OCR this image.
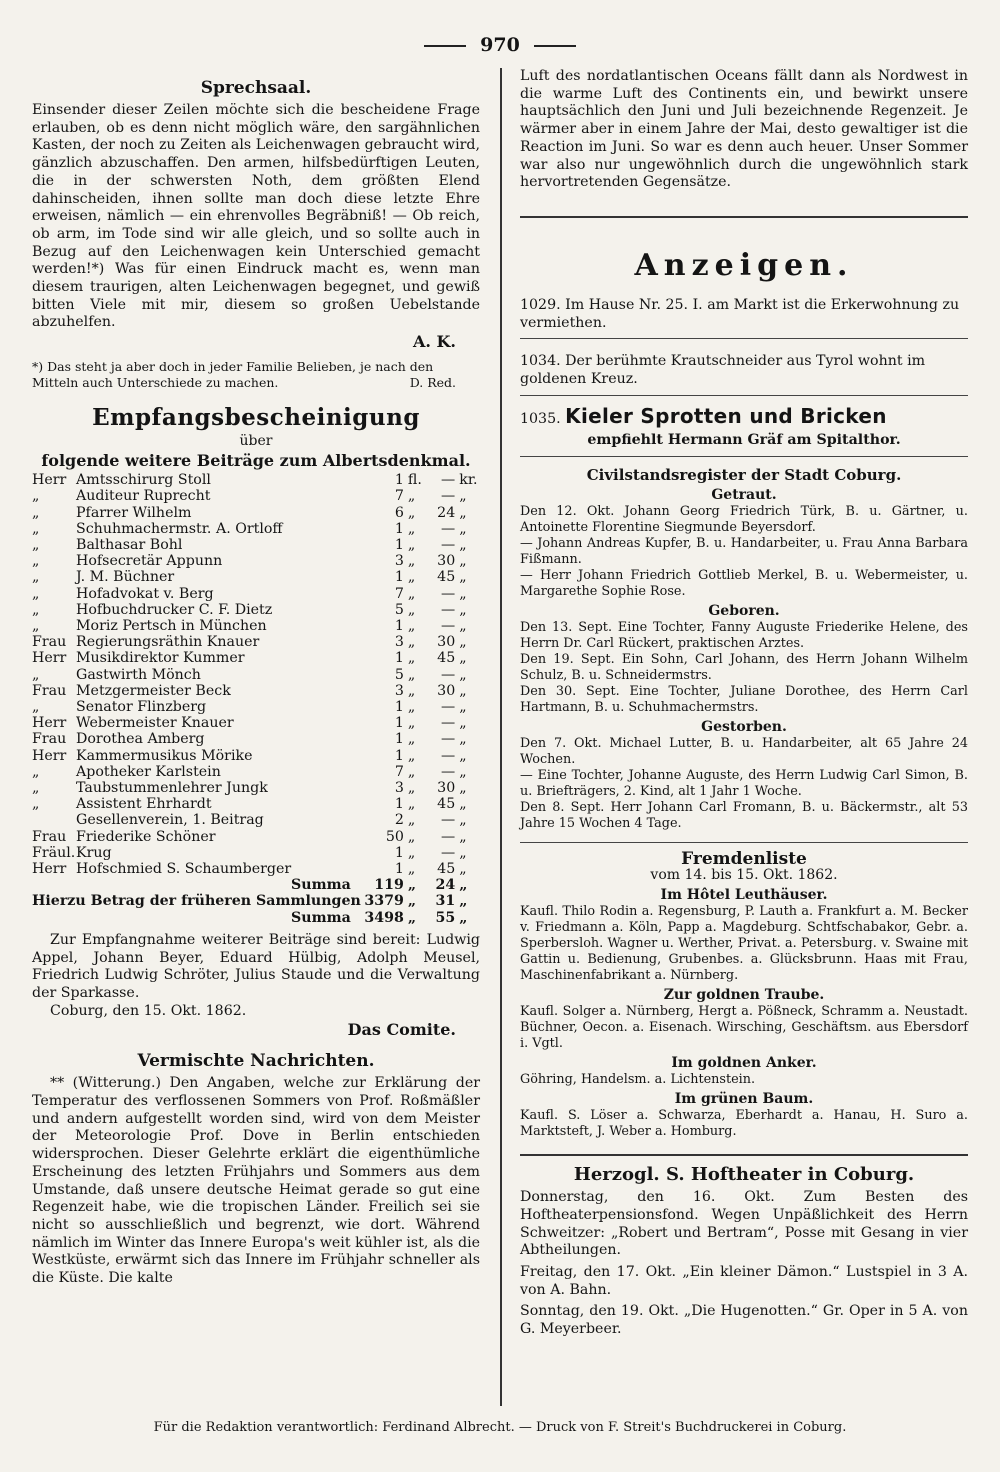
970
Sprechsaal.

Einsender dieser Zeilen möchte sich die bescheidene Frage erlauben, ob es denn nicht möglich wäre, den sargähnlichen Kasten, der noch zu Zeiten als Leichenwagen gebraucht wird, gänzlich abzuschaffen. Den armen, hilfsbedürftigen Leuten, die in der schwersten Noth, dem größten Elend dahinscheiden, ihnen sollte man doch diese letzte Ehre erweisen, nämlich — ein ehrenvolles Begräbniß! — Ob reich, ob arm, im Tode sind wir alle gleich, und so sollte auch in Bezug auf den Leichenwagen kein Unterschied gemacht werden!*) Was für einen Eindruck macht es, wenn man diesem traurigen, alten Leichenwagen begegnet, und gewiß bitten Viele mit mir, diesem so großen Uebelstande abzuhelfen.

A. K.

*) Das steht ja aber doch in jeder Familie Belieben, je nach den Mitteln auch Unterschiede zu machen.	D. Red.

Empfangsbescheinigung
über
folgende weitere Beiträge zum Albertsdenkmal.
Herr	Amtsschirurg Stoll	1	fl.	—	kr.
„	Auditeur Ruprecht	7	„	—	„
„	Pfarrer Wilhelm	6	„	24	„
„	Schuhmachermstr. A. Ortloff	1	„	—	„
„	Balthasar Bohl	1	„	—	„
„	Hofsecretär Appunn	3	„	30	„
„	J. M. Büchner	1	„	45	„
„	Hofadvokat v. Berg	7	„	—	„
„	Hofbuchdrucker C. F. Dietz	5	„	—	„
„	Moriz Pertsch in München	1	„	—	„
Frau	Regierungsräthin Knauer	3	„	30	„
Herr	Musikdirektor Kummer	1	„	45	„
„	Gastwirth Mönch	5	„	—	„
Frau	Metzgermeister Beck	3	„	30	„
„	Senator Flinzberg	1	„	—	„
Herr	Webermeister Knauer	1	„	—	„
Frau	Dorothea Amberg	1	„	—	„
Herr	Kammermusikus Mörike	1	„	—	„
„	Apotheker Karlstein	7	„	—	„
„	Taubstummenlehrer Jungk	3	„	30	„
„	Assistent Ehrhardt	1	„	45	„
	Gesellenverein, 1. Beitrag	2	„	—	„
Frau	Friederike Schöner	50	„	—	„
Fräul.	Krug	1	„	—	„
Herr	Hofschmied S. Schaumberger	1	„	45	„
Summa		119	„	24	„
Hierzu Betrag der früheren Sammlungen		3379	„	31	„
Summa		3498	„	55	„

Zur Empfangnahme weiterer Beiträge sind bereit: Ludwig Appel, Johann Beyer, Eduard Hülbig, Adolph Meusel, Friedrich Ludwig Schröter, Julius Staude und die Verwaltung der Sparkasse.

Coburg, den 15. Okt. 1862.

Das Comite.
Vermischte Nachrichten.

** (Witterung.) Den Angaben, welche zur Erklärung der Temperatur des verflossenen Sommers von Prof. Roßmäßler und andern aufgestellt worden sind, wird von dem Meister der Meteorologie Prof. Dove in Berlin entschieden widersprochen. Dieser Gelehrte erklärt die eigenthümliche Erscheinung des letzten Frühjahrs und Sommers aus dem Umstande, daß unsere deutsche Heimat gerade so gut eine Regenzeit habe, wie die tropischen Länder. Freilich sei sie nicht so ausschließlich und begrenzt, wie dort. Während nämlich im Winter das Innere Europa's weit kühler ist, als die Westküste, erwärmt sich das Innere im Frühjahr schneller als die Küste. Die kalte

Luft des nordatlantischen Oceans fällt dann als Nordwest in die warme Luft des Continents ein, und bewirkt unsere hauptsächlich den Juni und Juli bezeichnende Regenzeit. Je wärmer aber in einem Jahre der Mai, desto gewaltiger ist die Reaction im Juni. So war es denn auch heuer. Unser Sommer war also nur ungewöhnlich durch die ungewöhnlich stark hervortretenden Gegensätze.

Anzeigen.

1029. Im Hause Nr. 25. I. am Markt ist die Erkerwohnung zu vermiethen.

1034. Der berühmte Krautschneider aus Tyrol wohnt im goldenen Kreuz.

1035. Kieler Sprotten und Bricken

empfiehlt Hermann Gräf am Spitalthor.

Civilstandsregister der Stadt Coburg.
Getraut.

Den 12. Okt. Johann Georg Friedrich Türk, B. u. Gärtner, u. Antoinette Florentine Siegmunde Beyersdorf.

— Johann Andreas Kupfer, B. u. Handarbeiter, u. Frau Anna Barbara Fißmann.

— Herr Johann Friedrich Gottlieb Merkel, B. u. Webermeister, u. Margarethe Sophie Rose.

Geboren.

Den 13. Sept. Eine Tochter, Fanny Auguste Friederike Helene, des Herrn Dr. Carl Rückert, praktischen Arztes.

Den 19. Sept. Ein Sohn, Carl Johann, des Herrn Johann Wilhelm Schulz, B. u. Schneidermstrs.

Den 30. Sept. Eine Tochter, Juliane Dorothee, des Herrn Carl Hartmann, B. u. Schuhmachermstrs.

Gestorben.

Den 7. Okt. Michael Lutter, B. u. Handarbeiter, alt 65 Jahre 24 Wochen.

— Eine Tochter, Johanne Auguste, des Herrn Ludwig Carl Simon, B. u. Briefträgers, 2. Kind, alt 1 Jahr 1 Woche.

Den 8. Sept. Herr Johann Carl Fromann, B. u. Bäckermstr., alt 53 Jahre 15 Wochen 4 Tage.

Fremdenliste
vom 14. bis 15. Okt. 1862.
Im Hôtel Leuthäuser.

Kaufl. Thilo Rodin a. Regensburg, P. Lauth a. Frankfurt a. M. Becker v. Friedmann a. Köln, Papp a. Magdeburg. Schtfschabakor, Gebr. a. Sperbersloh. Wagner u. Werther, Privat. a. Petersburg. v. Swaine mit Gattin u. Bedienung, Grubenbes. a. Glücksbrunn. Haas mit Frau, Maschinenfabrikant a. Nürnberg.

Zur goldnen Traube.

Kaufl. Solger a. Nürnberg, Hergt a. Pößneck, Schramm a. Neustadt. Büchner, Oecon. a. Eisenach. Wirsching, Geschäftsm. aus Ebersdorf i. Vgtl.

Im goldnen Anker.

Göhring, Handelsm. a. Lichtenstein.

Im grünen Baum.

Kaufl. S. Löser a. Schwarza, Eberhardt a. Hanau, H. Suro a. Marktsteft, J. Weber a. Homburg.

Herzogl. S. Hoftheater in Coburg.

Donnerstag, den 16. Okt. Zum Besten des Hoftheaterpensionsfond. Wegen Unpäßlichkeit des Herrn Schweitzer: „Robert und Bertram“, Posse mit Gesang in vier Abtheilungen.

Freitag, den 17. Okt. „Ein kleiner Dämon.“ Lustspiel in 3 A. von A. Bahn.

Sonntag, den 19. Okt. „Die Hugenotten.“ Gr. Oper in 5 A. von G. Meyerbeer.

Für die Redaktion verantwortlich: Ferdinand Albrecht. — Druck von F. Streit's Buchdruckerei in Coburg.
